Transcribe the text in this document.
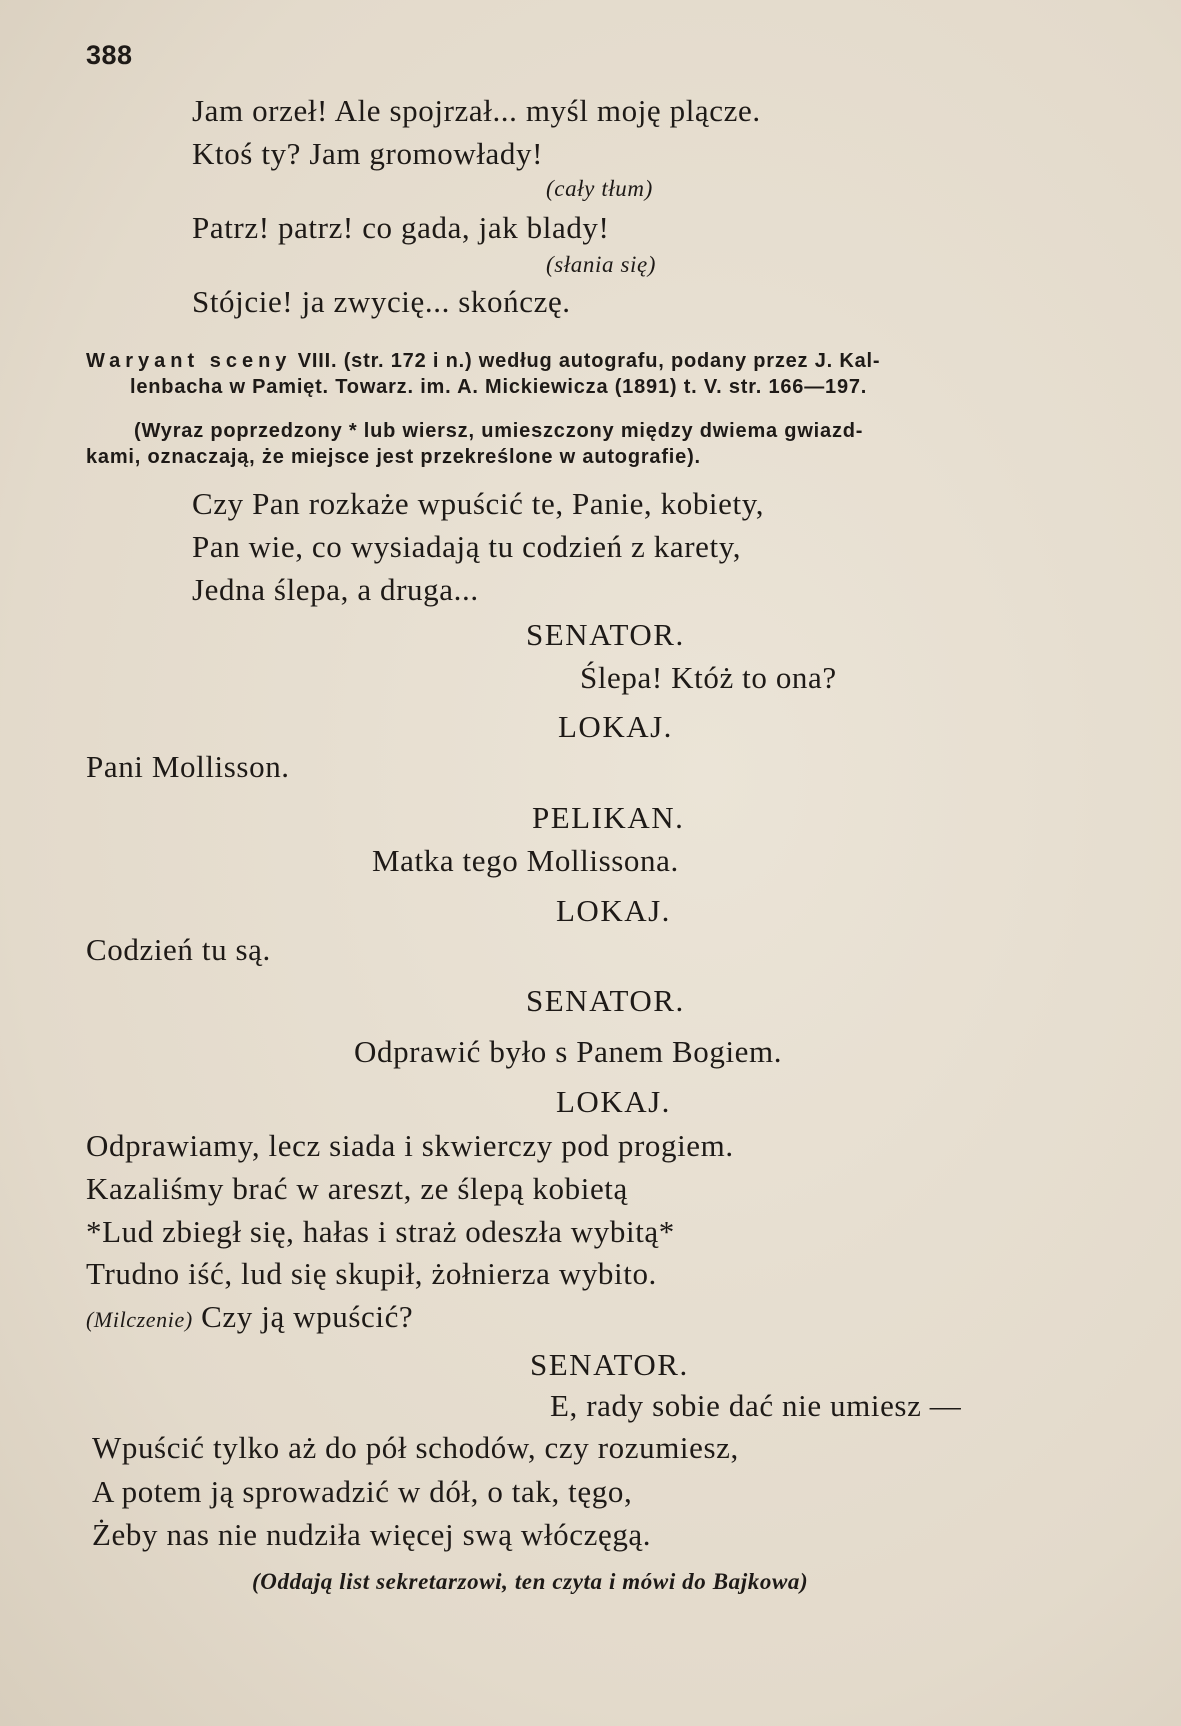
388
Jam orzeł! Ale spojrzał... myśl moję plącze.
Ktoś ty? Jam gromowłady!
(cały tłum)
Patrz! patrz! co gada, jak blady!
(słania się)
Stójcie! ja zwycię... skończę.
Waryant sceny VIII. (str. 172 i n.) według autografu, podany przez J. Kal-
lenbacha w Pamięt. Towarz. im. A. Mickiewicza (1891) t. V. str. 166—197.
(Wyraz poprzedzony * lub wiersz, umieszczony między dwiema gwiazd-
kami, oznaczają, że miejsce jest przekreślone w autografie).
Czy Pan rozkaże wpuścić te, Panie, kobiety,
Pan wie, co wysiadają tu codzień z karety,
Jedna ślepa, a druga...
SENATOR.
Ślepa! Któż to ona?
LOKAJ.
Pani Mollisson.
PELIKAN.
Matka tego Mollissona.
LOKAJ.
Codzień tu są.
SENATOR.
Odprawić było s Panem Bogiem.
LOKAJ.
Odprawiamy, lecz siada i skwierczy pod progiem.
Kazaliśmy brać w areszt, ze ślepą kobietą
*Lud zbiegł się, hałas i straż odeszła wybitą*
Trudno iść, lud się skupił, żołnierza wybito.
(Milczenie) Czy ją wpuścić?
SENATOR.
E, rady sobie dać nie umiesz —
Wpuścić tylko aż do pół schodów, czy rozumiesz,
A potem ją sprowadzić w dół, o tak, tęgo,
Żeby nas nie nudziła więcej swą włóczęgą.
(Oddają list sekretarzowi, ten czyta i mówi do Bajkowa)
